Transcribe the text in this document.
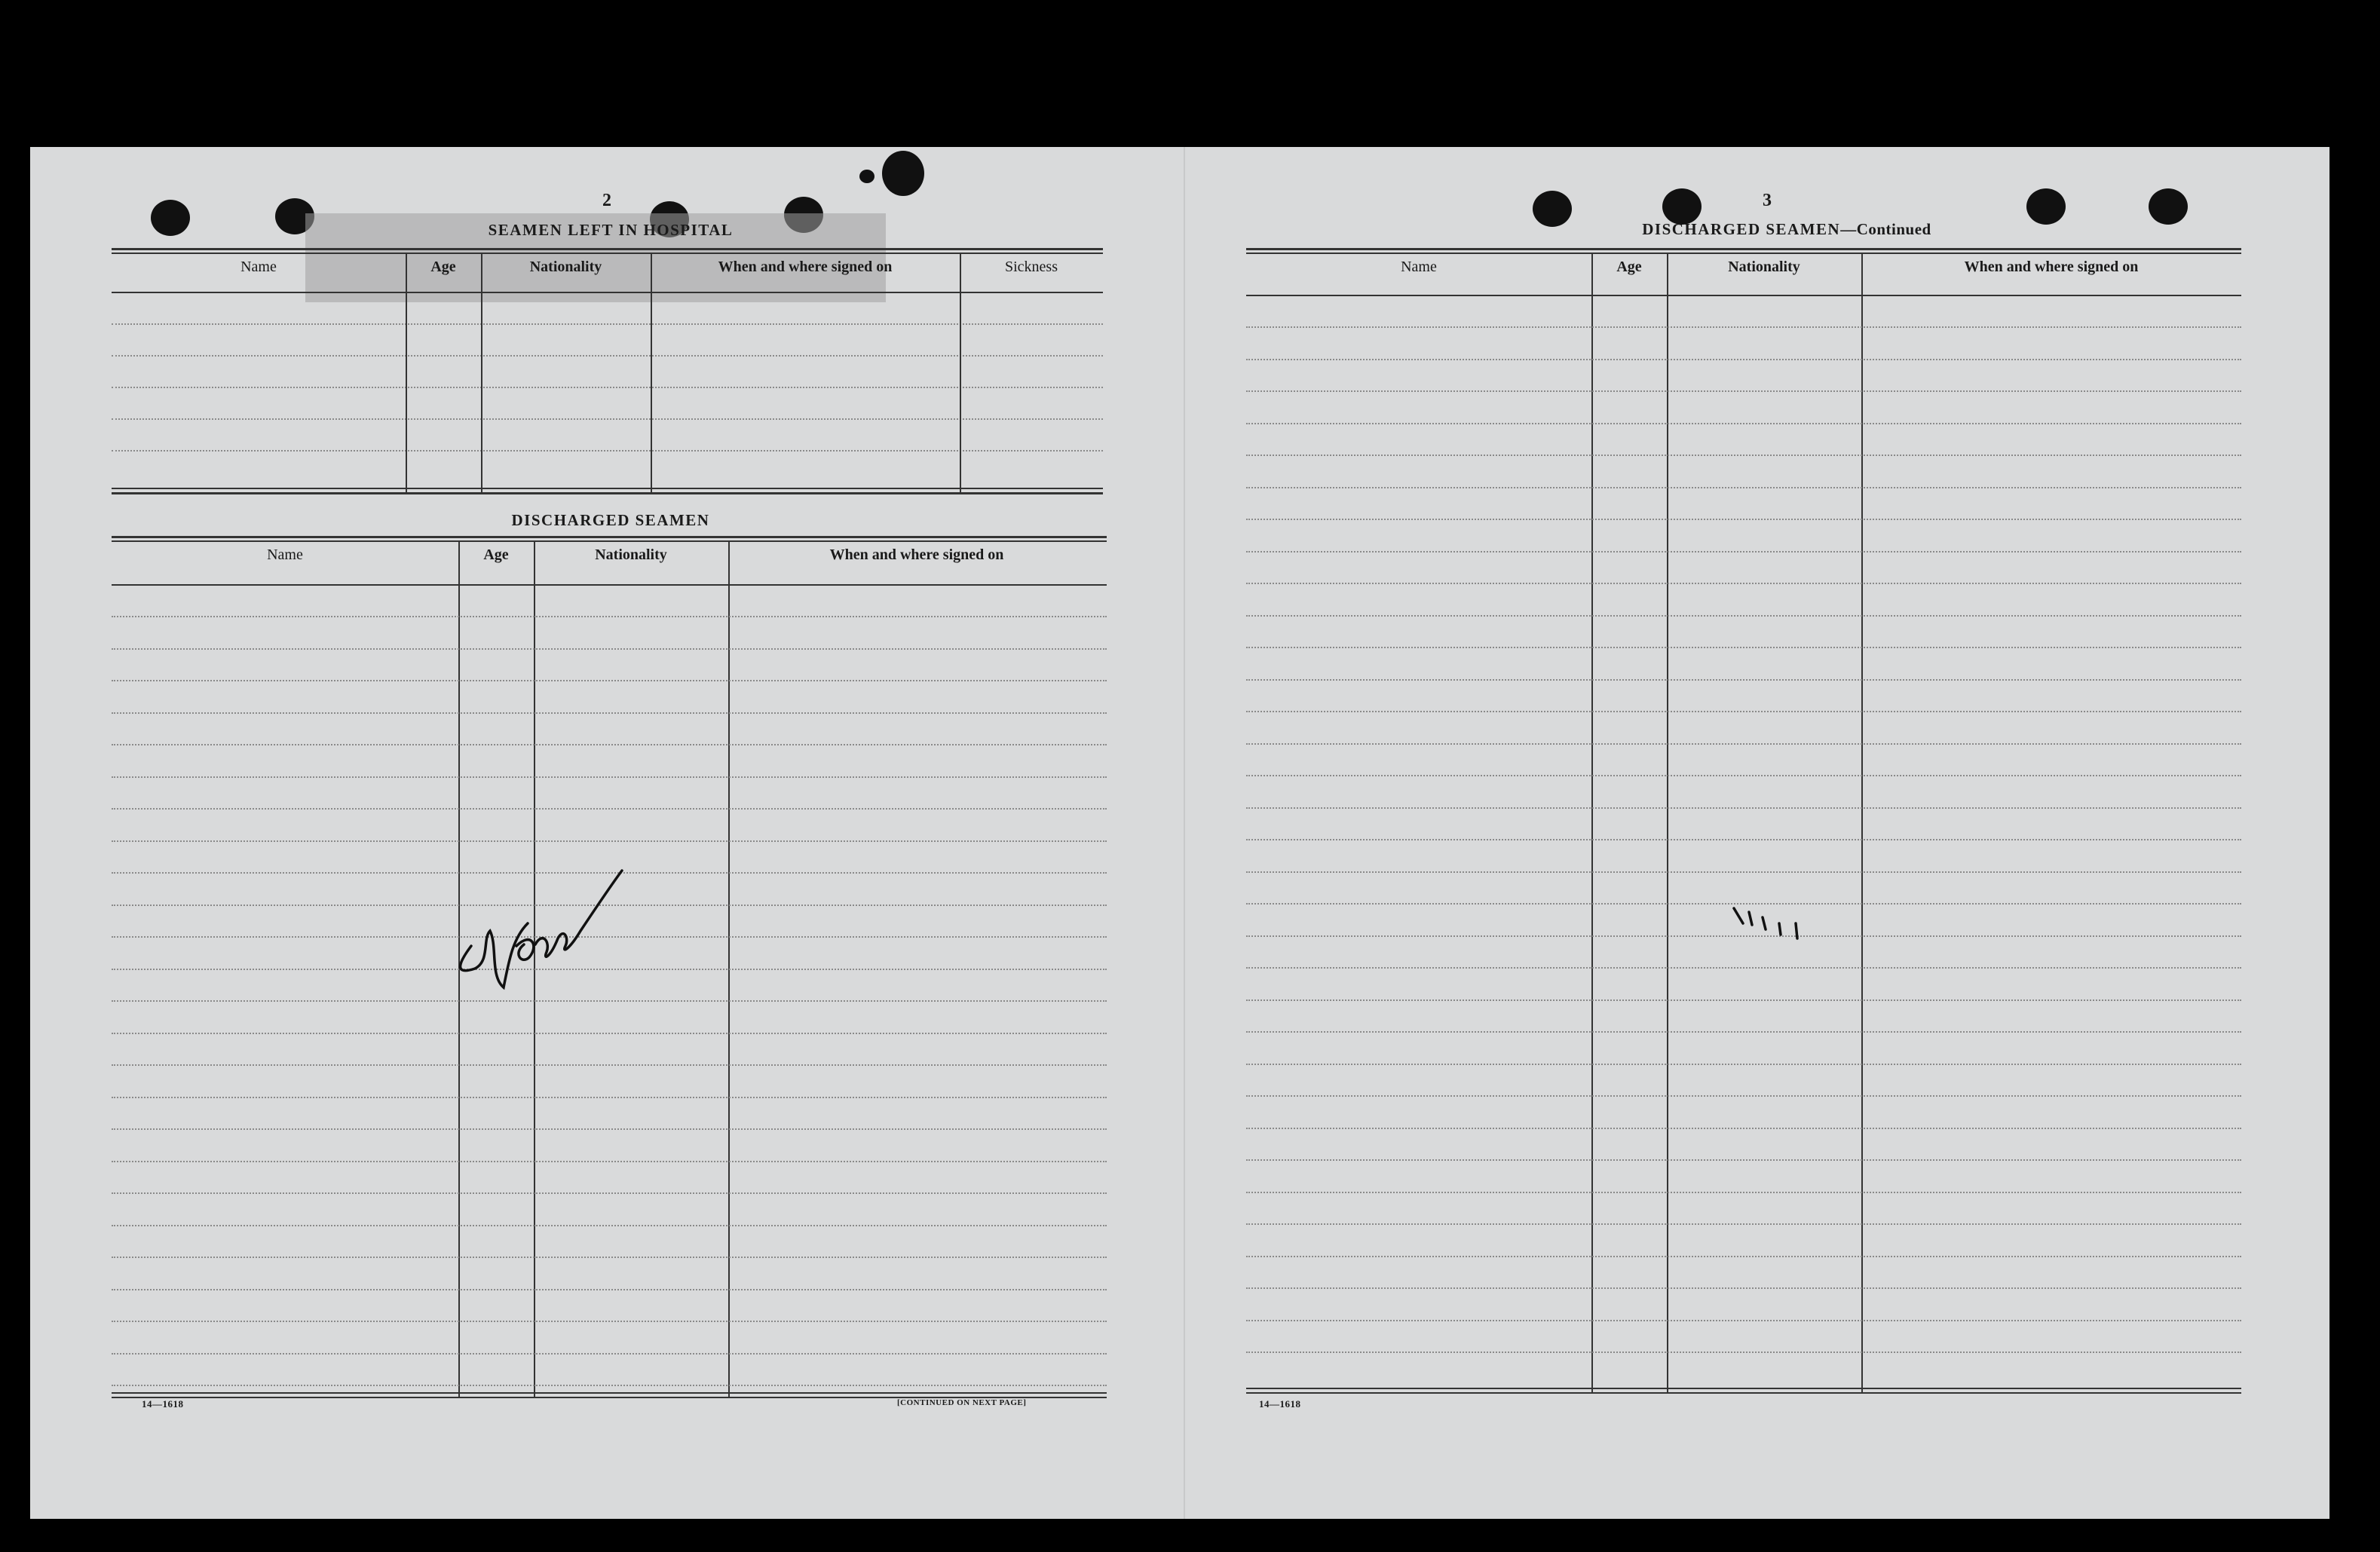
2
SEAMEN LEFT IN HOSPITAL
Name	Age	Nationality	When and where signed on	Sickness
DISCHARGED SEAMEN
Name	Age	Nationality	When and where signed on
14—1618	[CONTINUED ON NEXT PAGE]
3
DISCHARGED SEAMEN—Continued
Name	Age	Nationality	When and where signed on
14—1618
